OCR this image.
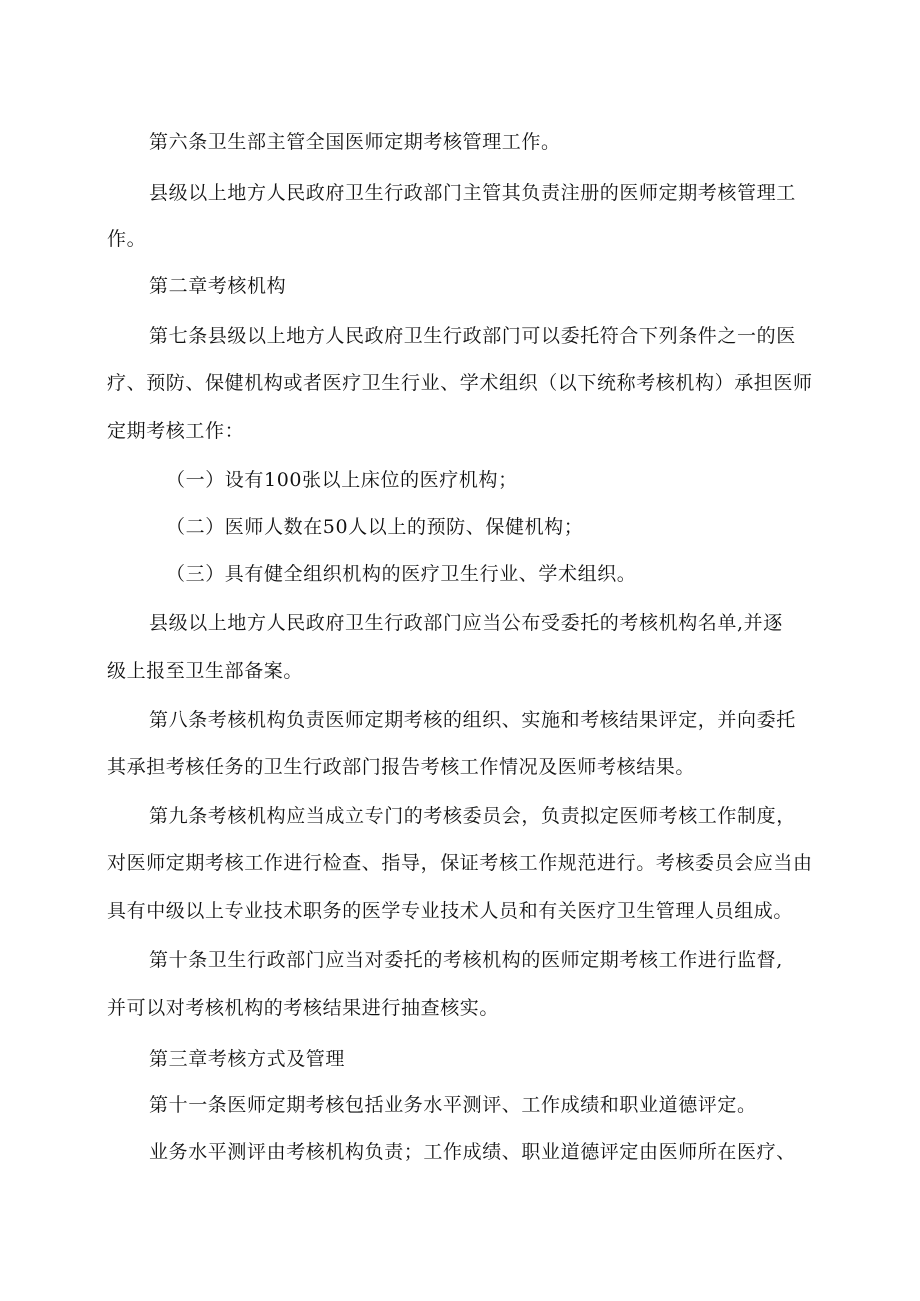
第六条卫生部主管全国医师定期考核管理工作。
县级以上地方人民政府卫生行政部门主管其负责注册的医师定期考核管理工
作。
第二章考核机构
第七条县级以上地方人民政府卫生行政部门可以委托符合下列条件之一的医
疗、预防、保健机构或者医疗卫生行业、学术组织（以下统称考核机构）承担医师
定期考核工作：
（一）设有100张以上床位的医疗机构；
（二）医师人数在50人以上的预防、保健机构；
（三）具有健全组织机构的医疗卫生行业、学术组织。
县级以上地方人民政府卫生行政部门应当公布受委托的考核机构名单,并逐
级上报至卫生部备案。
第八条考核机构负责医师定期考核的组织、实施和考核结果评定，并向委托
其承担考核任务的卫生行政部门报告考核工作情况及医师考核结果。
第九条考核机构应当成立专门的考核委员会，负责拟定医师考核工作制度，
对医师定期考核工作进行检查、指导，保证考核工作规范进行。考核委员会应当由
具有中级以上专业技术职务的医学专业技术人员和有关医疗卫生管理人员组成。
第十条卫生行政部门应当对委托的考核机构的医师定期考核工作进行监督,
并可以对考核机构的考核结果进行抽查核实。
第三章考核方式及管理
第十一条医师定期考核包括业务水平测评、工作成绩和职业道德评定。
业务水平测评由考核机构负责；工作成绩、职业道德评定由医师所在医疗、
